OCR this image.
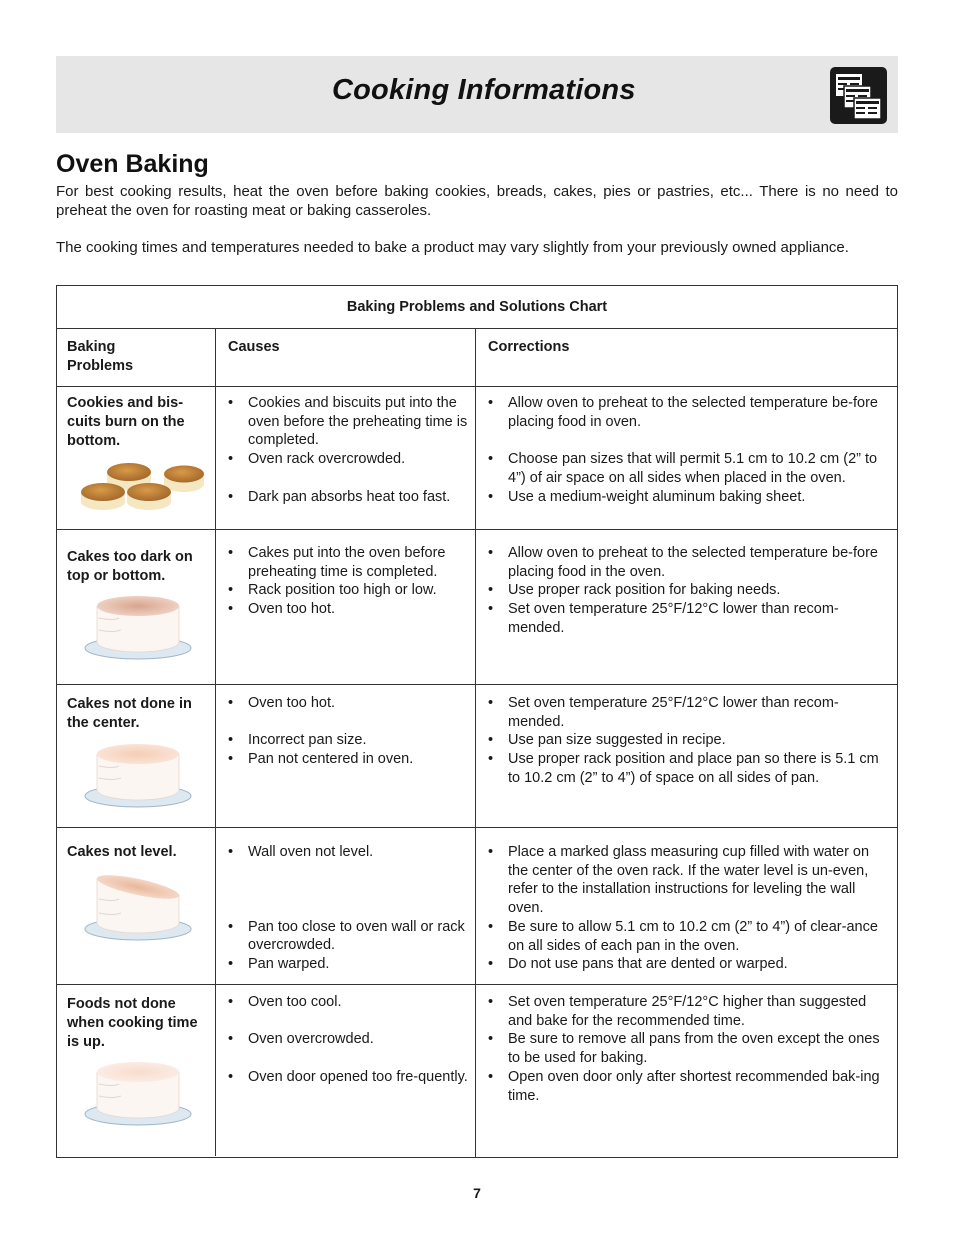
Cooking Informations
Oven Baking

For best cooking results, heat the oven before baking cookies, breads, cakes, pies or pastries, etc... There is no need to preheat the oven for roasting meat or baking casseroles.

The cooking times and temperatures needed to bake a product may vary slightly from your previously owned appliance.

Baking Problems and Solutions Chart
Baking
Problems
Causes	Corrections
Cookies and bis-
cuits burn on the
bottom.
• Cookies and biscuits put into the oven before the preheating time is completed.
• Oven rack overcrowded.
• Dark pan absorbs heat too fast.
• Allow oven to preheat to the selected temperature be-fore placing food in oven.
• Choose pan sizes that will permit 5.1 cm to 10.2 cm (2” to 4”) of air space on all sides when placed in the oven.
• Use a medium-weight aluminum baking sheet.
Cakes too dark on
top or bottom.
• Cakes put into the oven before preheating time is completed.
• Rack position too high or low.
• Oven too hot.
• Allow oven to preheat to the selected temperature be-fore placing food in the oven.
• Use proper rack position for baking needs.
• Set oven temperature 25°F/12°C lower than recom-mended.
Cakes not done in
the center.
• Oven too hot.
• Incorrect pan size.
• Pan not centered in oven.
• Set oven temperature 25°F/12°C lower than recom-mended.
• Use pan size suggested in recipe.
• Use proper rack position and place pan so there is 5.1 cm to 10.2 cm (2” to 4”) of space on all sides of pan.
Cakes not level.
•	Wall oven not level.
• Pan too close to oven wall or rack overcrowded.
• Pan warped.
• Place a marked glass measuring cup filled with water on the center of the oven rack. If the water level is un-even, refer to the installation instructions for leveling the wall oven.
• Be sure to allow 5.1 cm to 10.2 cm (2” to 4”) of clear-ance on all sides of each pan in the oven.
• Do not use pans that are dented or warped.
Foods not done
when cooking time
is up.
• Oven too cool.
• Oven overcrowded.
• Oven door opened too fre-quently.
• Set oven temperature 25°F/12°C higher than suggested and bake for the recommended time.
• Be sure to remove all pans from the oven except the ones to be used for baking.
• Open oven door only after shortest recommended bak-ing time.
7
